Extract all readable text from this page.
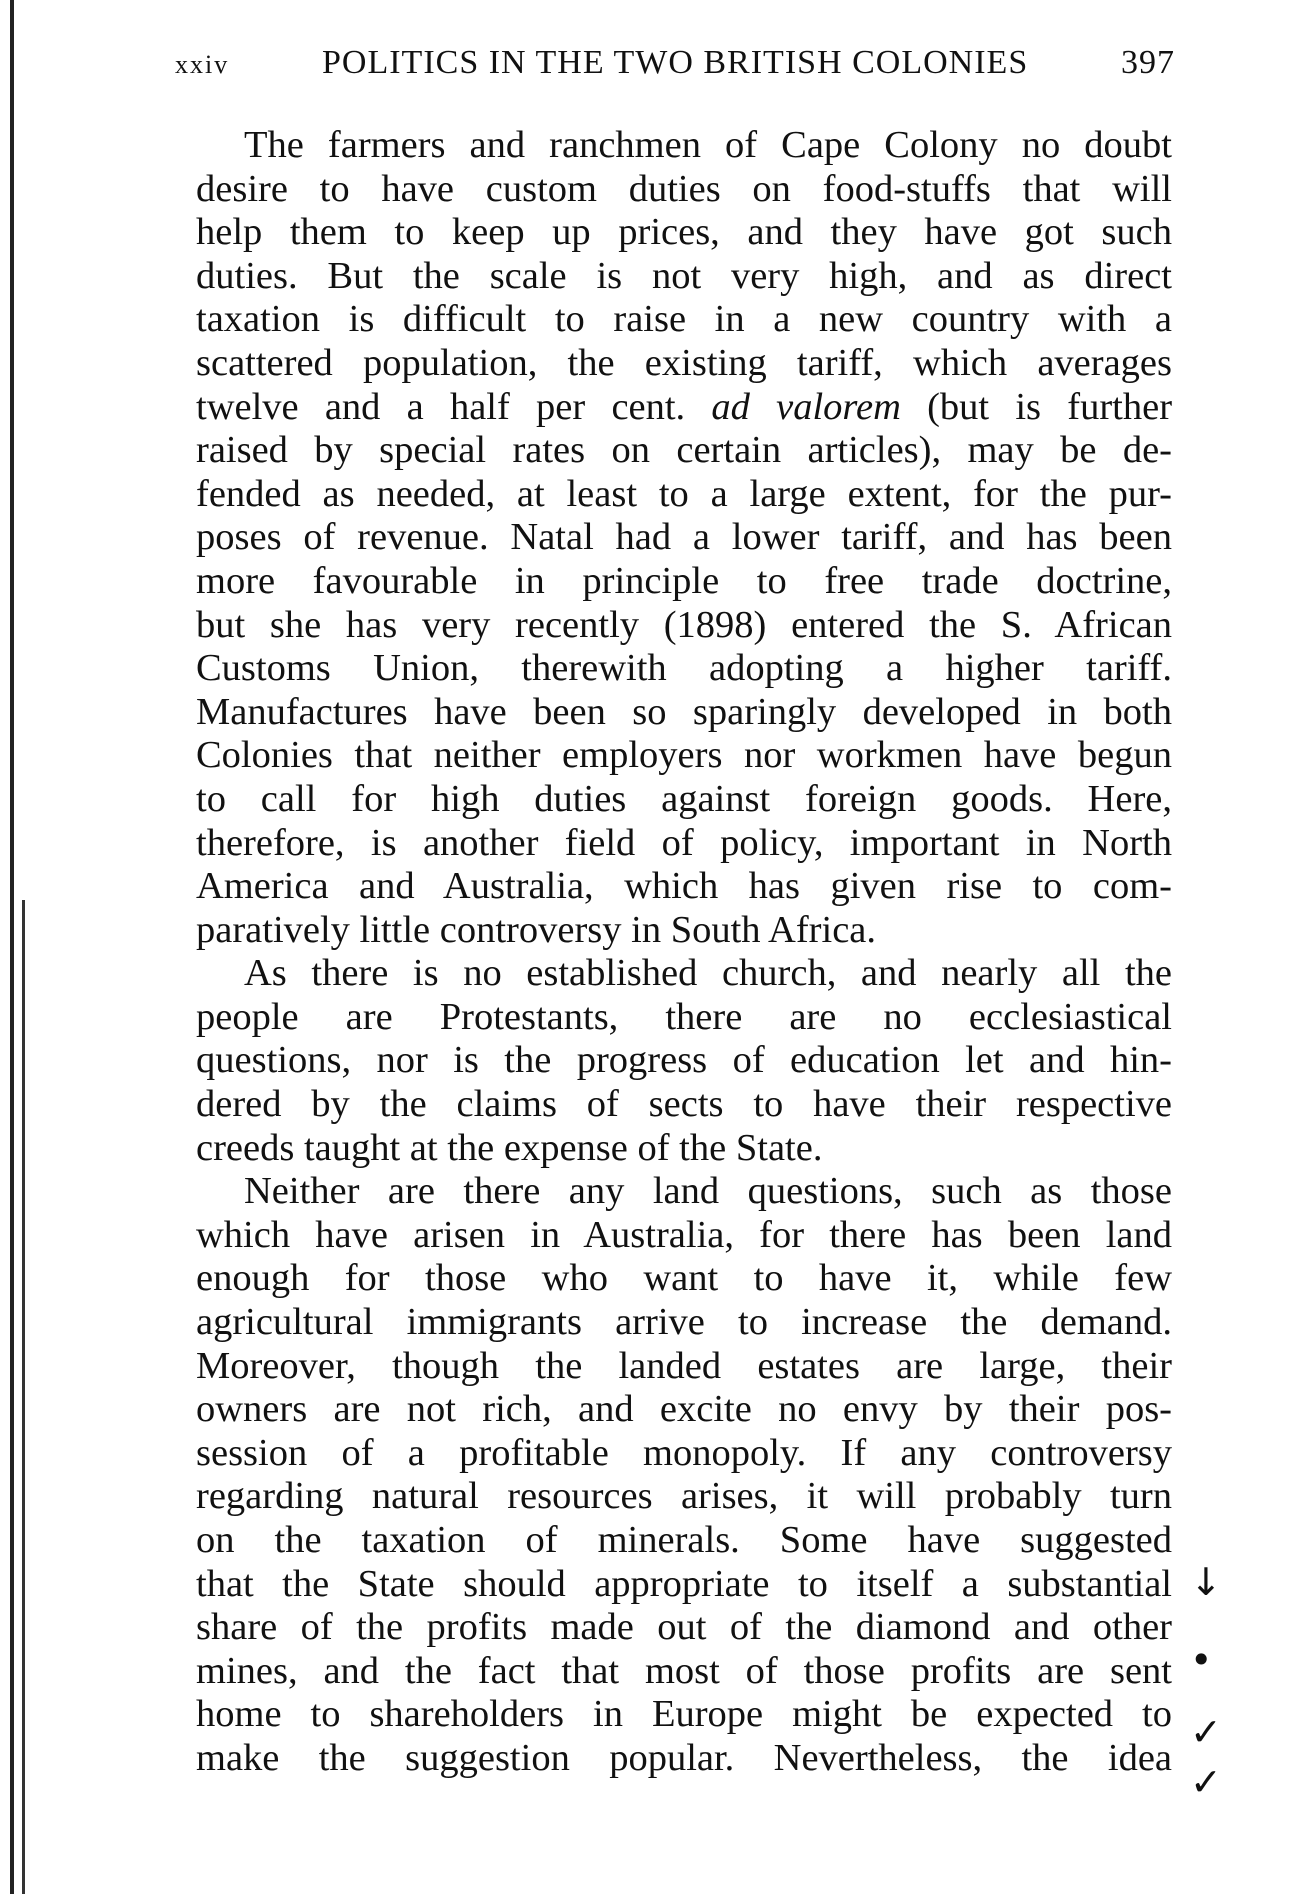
xxiv	POLITICS IN THE TWO BRITISH COLONIES	397
The farmers and ranchmen of Cape Colony no doubt
desire to have custom duties on food-stuffs that will
help them to keep up prices, and they have got such
duties. But the scale is not very high, and as direct
taxation is difficult to raise in a new country with a
scattered population, the existing tariff, which averages
twelve and a half per cent. ad valorem (but is further
raised by special rates on certain articles), may be de-
fended as needed, at least to a large extent, for the pur-
poses of revenue. Natal had a lower tariff, and has been
more favourable in principle to free trade doctrine,
but she has very recently (1898) entered the S. African
Customs Union, therewith adopting a higher tariff.
Manufactures have been so sparingly developed in both
Colonies that neither employers nor workmen have begun
to call for high duties against foreign goods. Here,
therefore, is another field of policy, important in North
America and Australia, which has given rise to com-
paratively little controversy in South Africa.
As there is no established church, and nearly all the
people are Protestants, there are no ecclesiastical
questions, nor is the progress of education let and hin-
dered by the claims of sects to have their respective
creeds taught at the expense of the State.
Neither are there any land questions, such as those
which have arisen in Australia, for there has been land
enough for those who want to have it, while few
agricultural immigrants arrive to increase the demand.
Moreover, though the landed estates are large, their
owners are not rich, and excite no envy by their pos-
session of a profitable monopoly. If any controversy
regarding natural resources arises, it will probably turn
on the taxation of minerals. Some have suggested
that the State should appropriate to itself a substantial
share of the profits made out of the diamond and other
mines, and the fact that most of those profits are sent
home to shareholders in Europe might be expected to
make the suggestion popular. Nevertheless, the idea
↓
•
✓
✓
